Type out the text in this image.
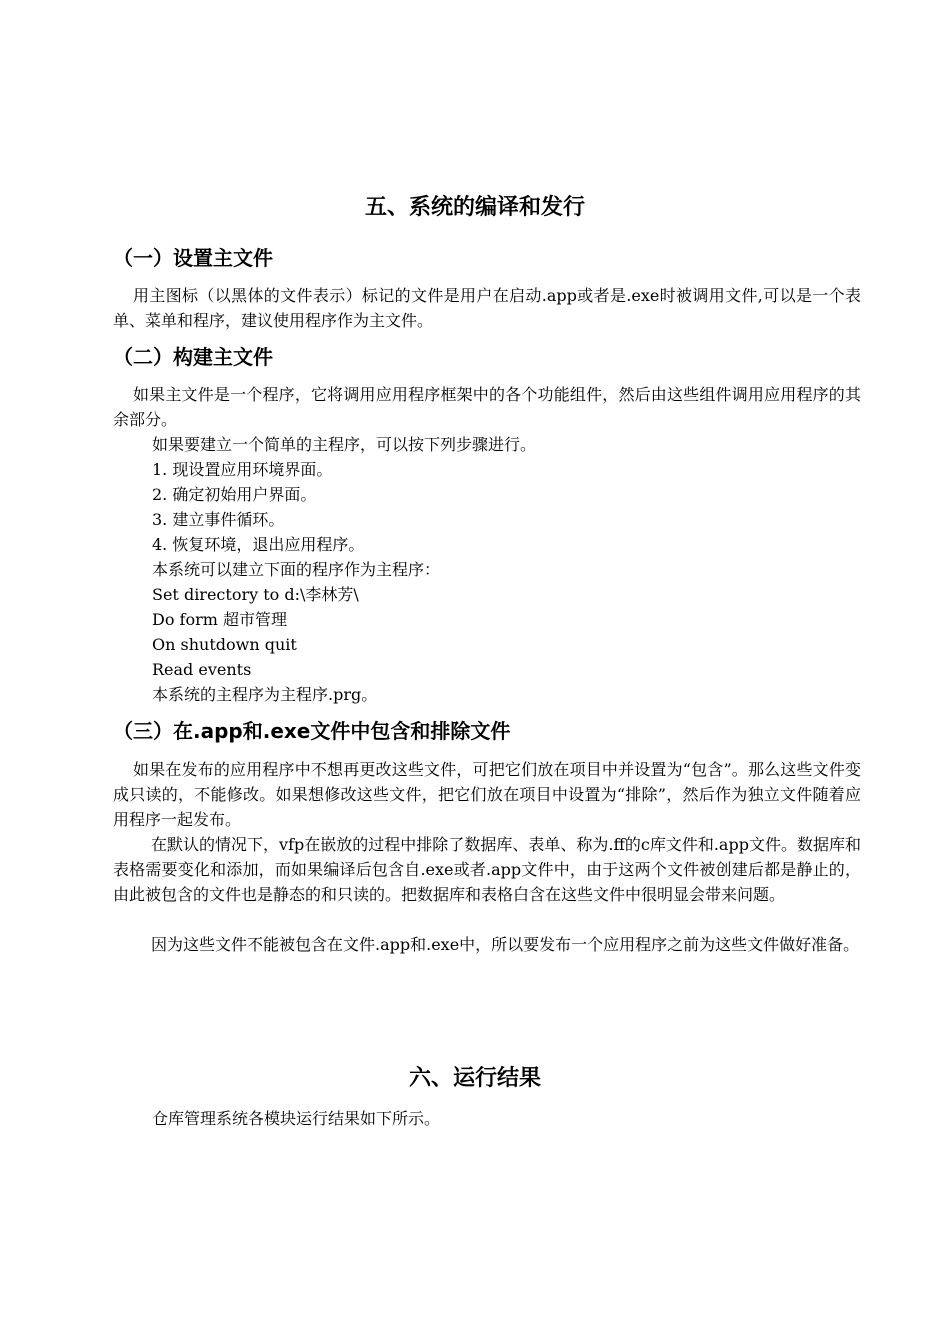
五、系统的编译和发行
（一）设置主文件

用主图标（以黑体的文件表示）标记的文件是用户在启动.app或者是.exe时被调用文件,可以是一个表单、菜单和程序，建议使用程序作为主文件。

（二）构建主文件

如果主文件是一个程序，它将调用应用程序框架中的各个功能组件，然后由这些组件调用应用程序的其余部分。

如果要建立一个简单的主程序，可以按下列步骤进行。

1. 现设置应用环境界面。

2. 确定初始用户界面。

3. 建立事件循环。

4. 恢复环境，退出应用程序。

本系统可以建立下面的程序作为主程序：

Set directory to d:\李林芳\

Do form 超市管理

On shutdown quit

Read events

本系统的主程序为主程序.prg。

（三）在.app和.exe文件中包含和排除文件

如果在发布的应用程序中不想再更改这些文件，可把它们放在项目中并设置为“包含”。那么这些文件变成只读的，不能修改。如果想修改这些文件，把它们放在项目中设置为“排除”，然后作为独立文件随着应用程序一起发布。

在默认的情况下，vfp在嵌放的过程中排除了数据库、表单、称为.ff的c库文件和.app文件。数据库和表格需要变化和添加，而如果编译后包含自.exe或者.app文件中，由于这两个文件被创建后都是静止的，由此被包含的文件也是静态的和只读的。把数据库和表格白含在这些文件中很明显会带来问题。

因为这些文件不能被包含在文件.app和.exe中，所以要发布一个应用程序之前为这些文件做好准备。

六、运行结果

仓库管理系统各模块运行结果如下所示。
